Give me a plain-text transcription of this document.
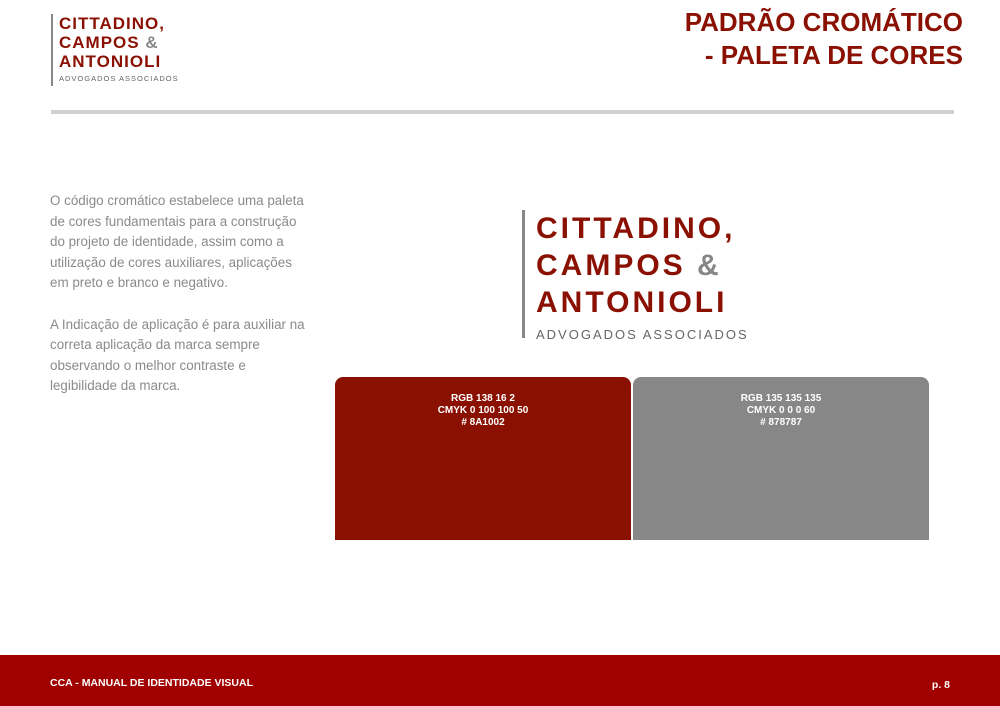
CITTADINO,
CAMPOS &
ANTONIOLI
ADVOGADOS ASSOCIADOS
PADRÃO CROMÁTICO
- PALETA DE CORES

O código cromático estabelece uma paleta de cores fundamentais para a construção do projeto de identidade, assim como a utilização de cores auxiliares, aplicações em preto e branco e negativo.

A Indicação de aplicação é para auxiliar na correta aplicação da marca sempre observando o melhor contraste e legibilidade da marca.

CITTADINO,
CAMPOS &
ANTONIOLI
ADVOGADOS ASSOCIADOS
RGB 138 16 2
CMYK 0 100 100 50
# 8A1002
RGB 135 135 135
CMYK 0 0 0 60
# 878787
CCA - MANUAL DE IDENTIDADE VISUAL	p. 8
